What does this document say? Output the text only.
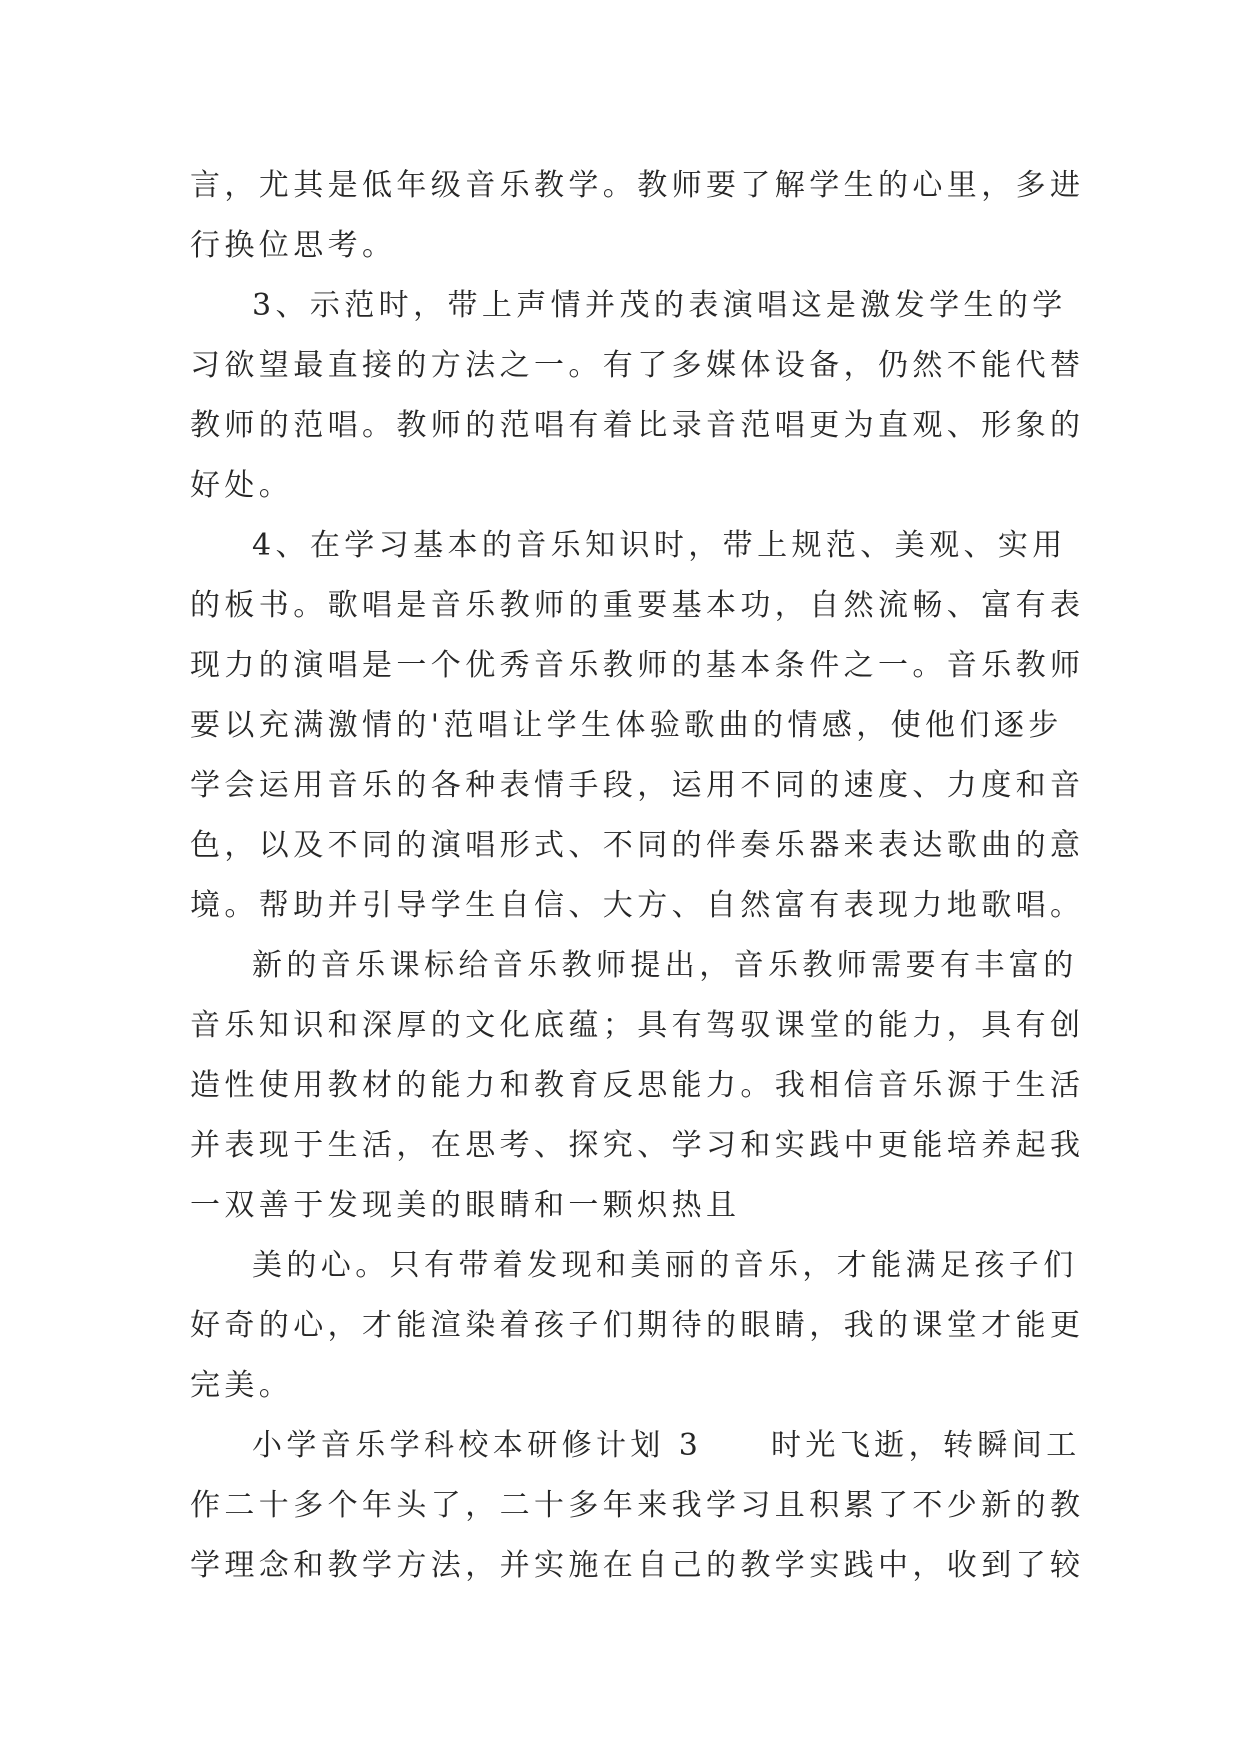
言，尤其是低年级音乐教学。教师要了解学生的心里，多进
行换位思考。
3、示范时，带上声情并茂的表演唱这是激发学生的学
习欲望最直接的方法之一。有了多媒体设备，仍然不能代替
教师的范唱。教师的范唱有着比录音范唱更为直观、形象的
好处。
4、在学习基本的音乐知识时，带上规范、美观、实用
的板书。歌唱是音乐教师的重要基本功，自然流畅、富有表
现力的演唱是一个优秀音乐教师的基本条件之一。音乐教师
要以充满激情的'范唱让学生体验歌曲的情感，使他们逐步
学会运用音乐的各种表情手段，运用不同的速度、力度和音
色，以及不同的演唱形式、不同的伴奏乐器来表达歌曲的意
境。帮助并引导学生自信、大方、自然富有表现力地歌唱。
新的音乐课标给音乐教师提出，音乐教师需要有丰富的
音乐知识和深厚的文化底蕴；具有驾驭课堂的能力，具有创
造性使用教材的能力和教育反思能力。我相信音乐源于生活
并表现于生活，在思考、探究、学习和实践中更能培养起我
一双善于发现美的眼睛和一颗炽热且
美的心。只有带着发现和美丽的音乐，才能满足孩子们
好奇的心，才能渲染着孩子们期待的眼睛，我的课堂才能更
完美。
小学音乐学科校本研修计划 3　　时光飞逝，转瞬间工
作二十多个年头了，二十多年来我学习且积累了不少新的教
学理念和教学方法，并实施在自己的教学实践中，收到了较
